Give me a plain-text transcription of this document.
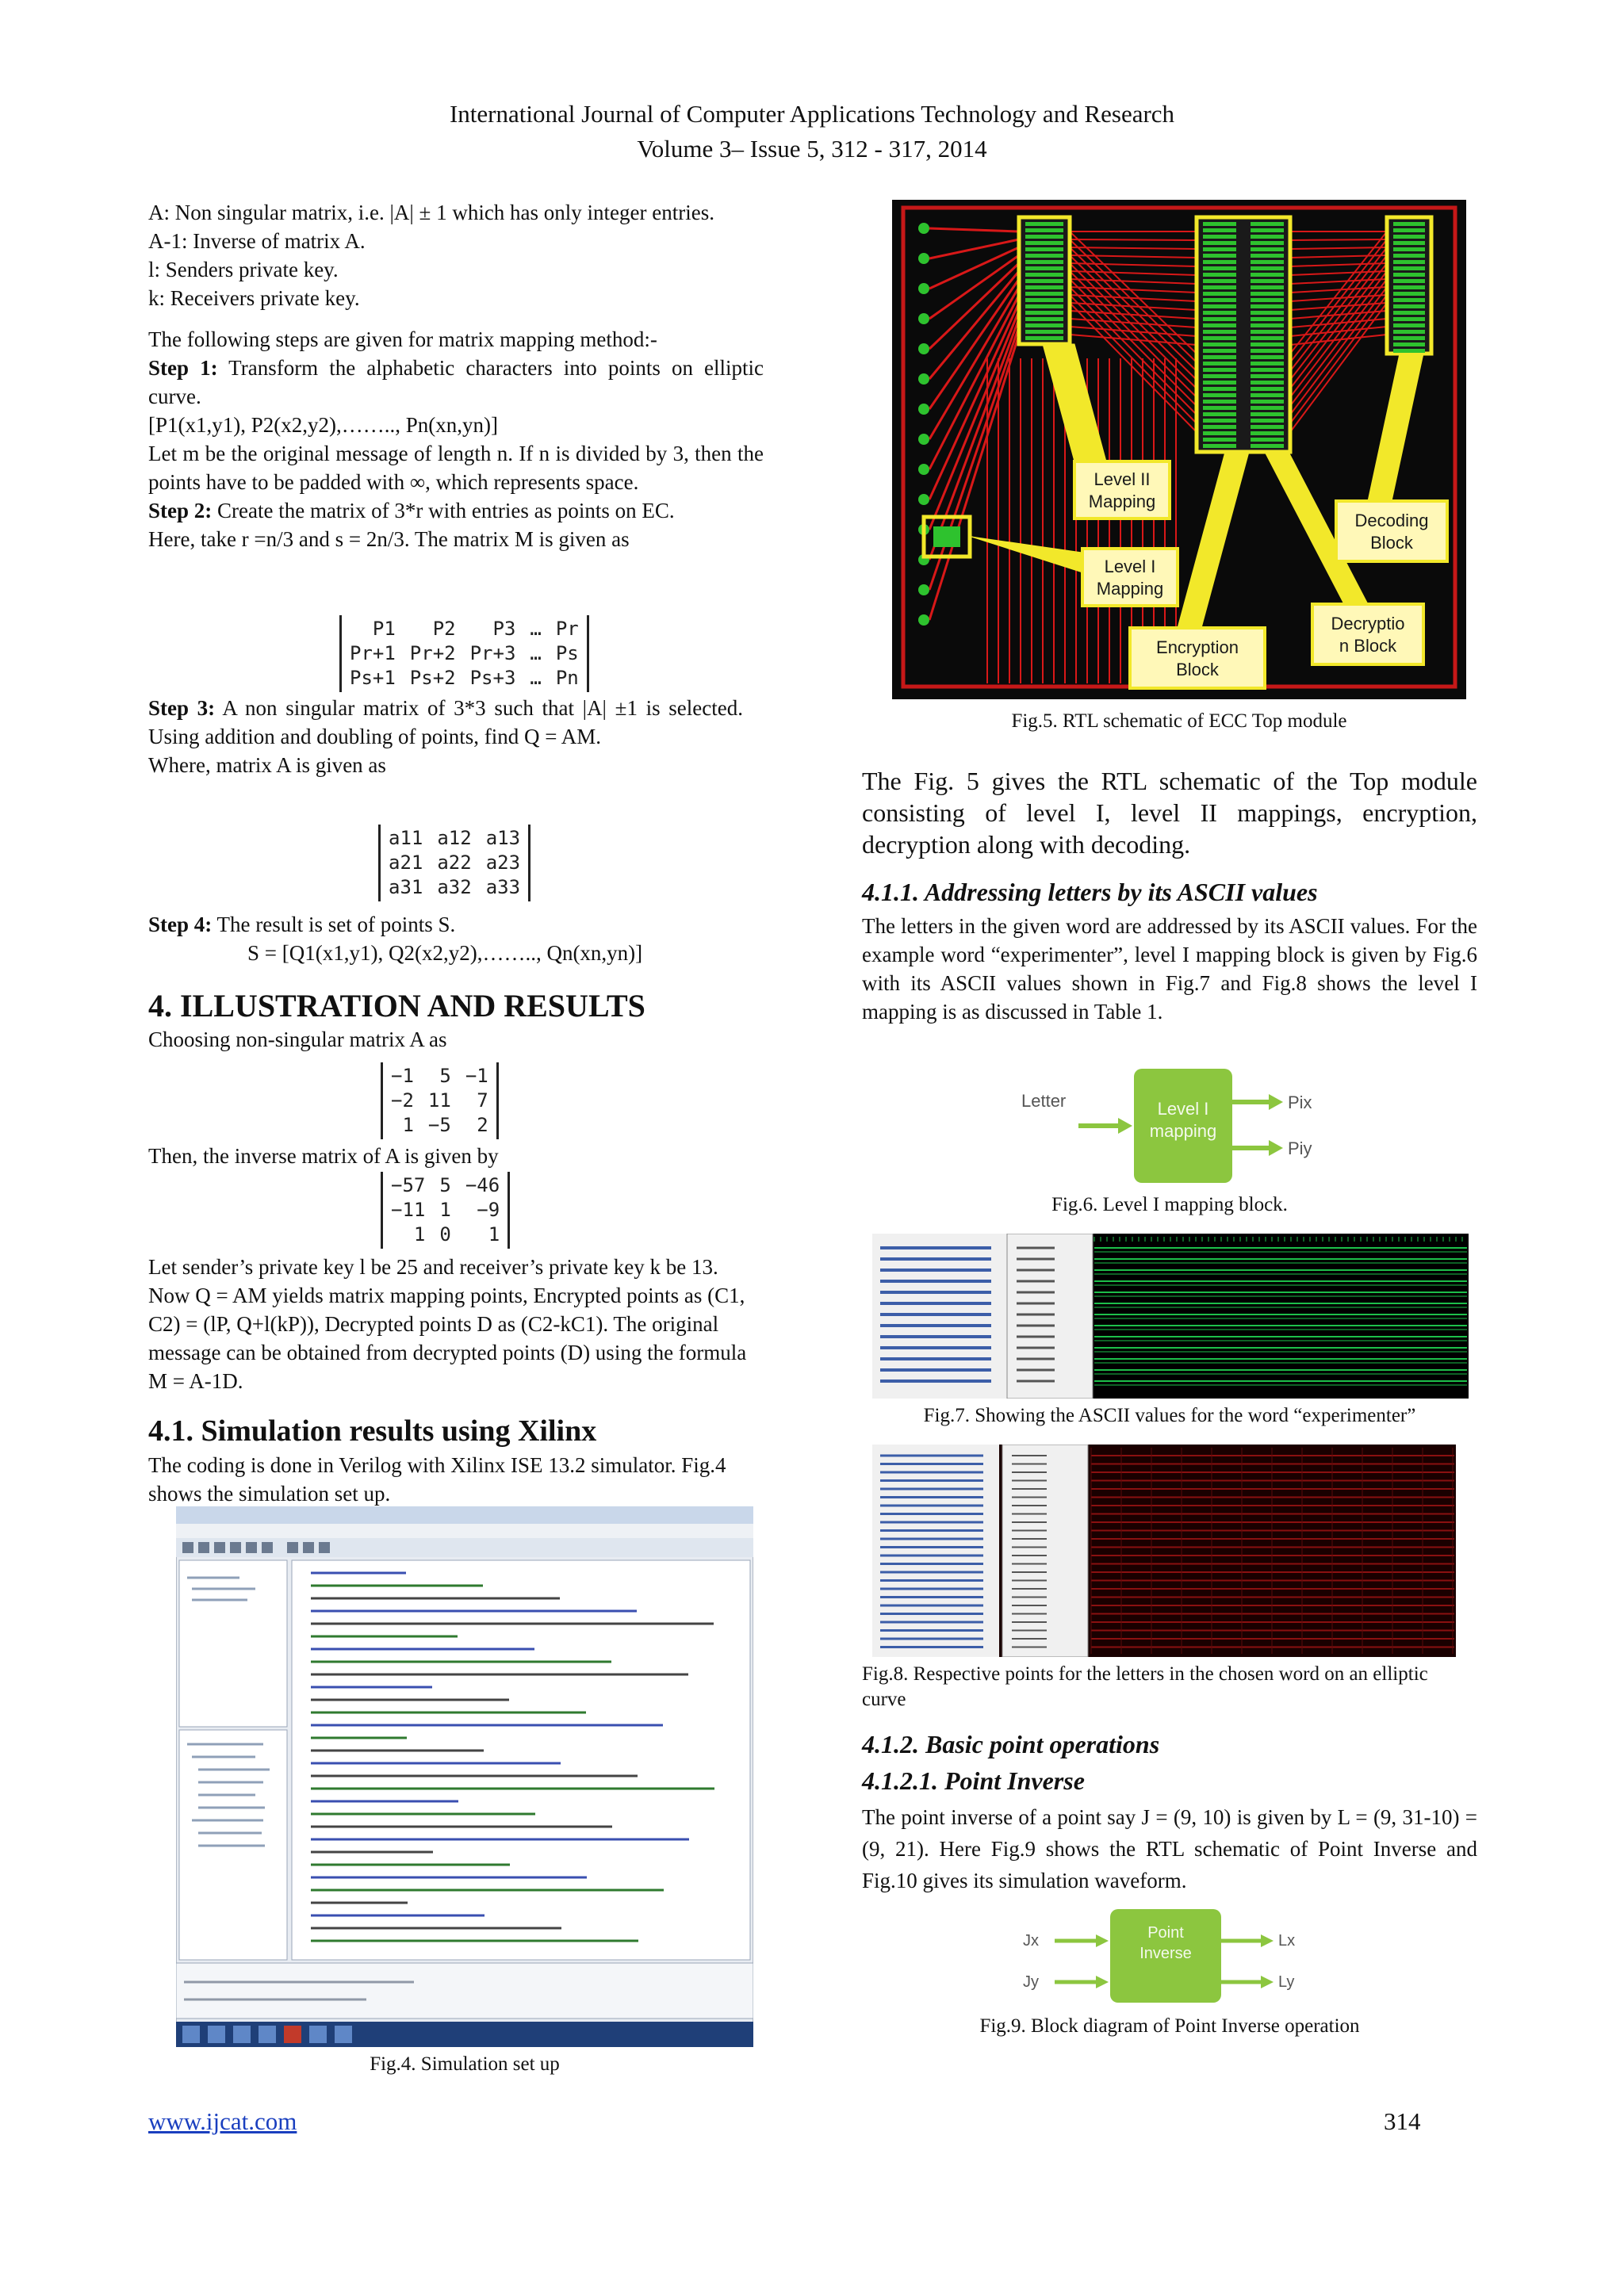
International Journal of Computer Applications Technology and Research
Volume 3– Issue 5, 312 - 317, 2014

A: Non singular matrix, i.e. |A| ± 1 which has only integer entries.

A-1: Inverse of matrix A.

l: Senders private key.

k: Receivers private key.

The following steps are given for matrix mapping method:-

Step 1: Transform the alphabetic characters into points on elliptic curve.

[P1(x1,y1), P2(x2,y2),…….., Pn(xn,yn)]

Let m be the original message of length n. If n is divided by 3, then the points have to be padded with ∞, which represents space.

Step 2: Create the matrix of 3*r with entries as points on EC.

Here, take r =n/3 and s = 2n/3. The matrix M is given as

P1	P2	P3 … Pr
Pr+1 Pr+2 Pr+3 … Ps
Ps+1 Ps+2 Ps+3 … Pn

Step 3: A non singular matrix of 3*3 such that |A| ±1 is selected. Using addition and doubling of points, find Q = AM.

Where, matrix A is given as

a11 a12 a13
a21 a22 a23
a31 a32 a33

Step 4: The result is set of points S.

S = [Q1(x1,y1), Q2(x2,y2),…….., Qn(xn,yn)]

4. ILLUSTRATION AND RESULTS
Choosing non-singular matrix A as
−1	5 −1
−2 11	7
1 −5	2
Then, the inverse matrix of A is given by
−57 5 −46
−11 1	−9
1 0	1
Let sender’s private key l be 25 and receiver’s private key k be 13. Now Q = AM yields matrix mapping points, Encrypted points as (C1, C2) = (lP, Q+l(kP)), Decrypted points D as (C2-kC1). The original message can be obtained from decrypted points (D) using the formula M = A-1D.
4.1. Simulation results using Xilinx
The coding is done in Verilog with Xilinx ISE 13.2 simulator. Fig.4 shows the simulation set up.
Fig.4. Simulation set up
Level II
Mapping
Level I
Mapping
Encryption
Block
Decryptio
n Block
Decoding
Block
Fig.5. RTL schematic of ECC Top module
The Fig. 5 gives the RTL schematic of the Top module consisting of level I, level II mappings, encryption, decryption along with decoding.
4.1.1. Addressing letters by its ASCII values
The letters in the given word are addressed by its ASCII values. For the example word “experimenter”, level I mapping block is given by Fig.6 with its ASCII values shown in Fig.7 and Fig.8 shows the level I mapping is as discussed in Table 1.
Letter	Level I
mapping
Pix
Piy
Fig.6. Level I mapping block.
Fig.7. Showing the ASCII values for the word “experimenter”
Fig.8. Respective points for the letters in the chosen word on an elliptic curve
4.1.2. Basic point operations
4.1.2.1. Point Inverse
The point inverse of a point say J = (9, 10) is given by L = (9, 31-10) = (9, 21). Here Fig.9 shows the RTL schematic of Point Inverse and Fig.10 gives its simulation waveform.
Jx
Jy
Point
Inverse
Lx
Ly
Fig.9. Block diagram of Point Inverse operation
www.ijcat.com	314
